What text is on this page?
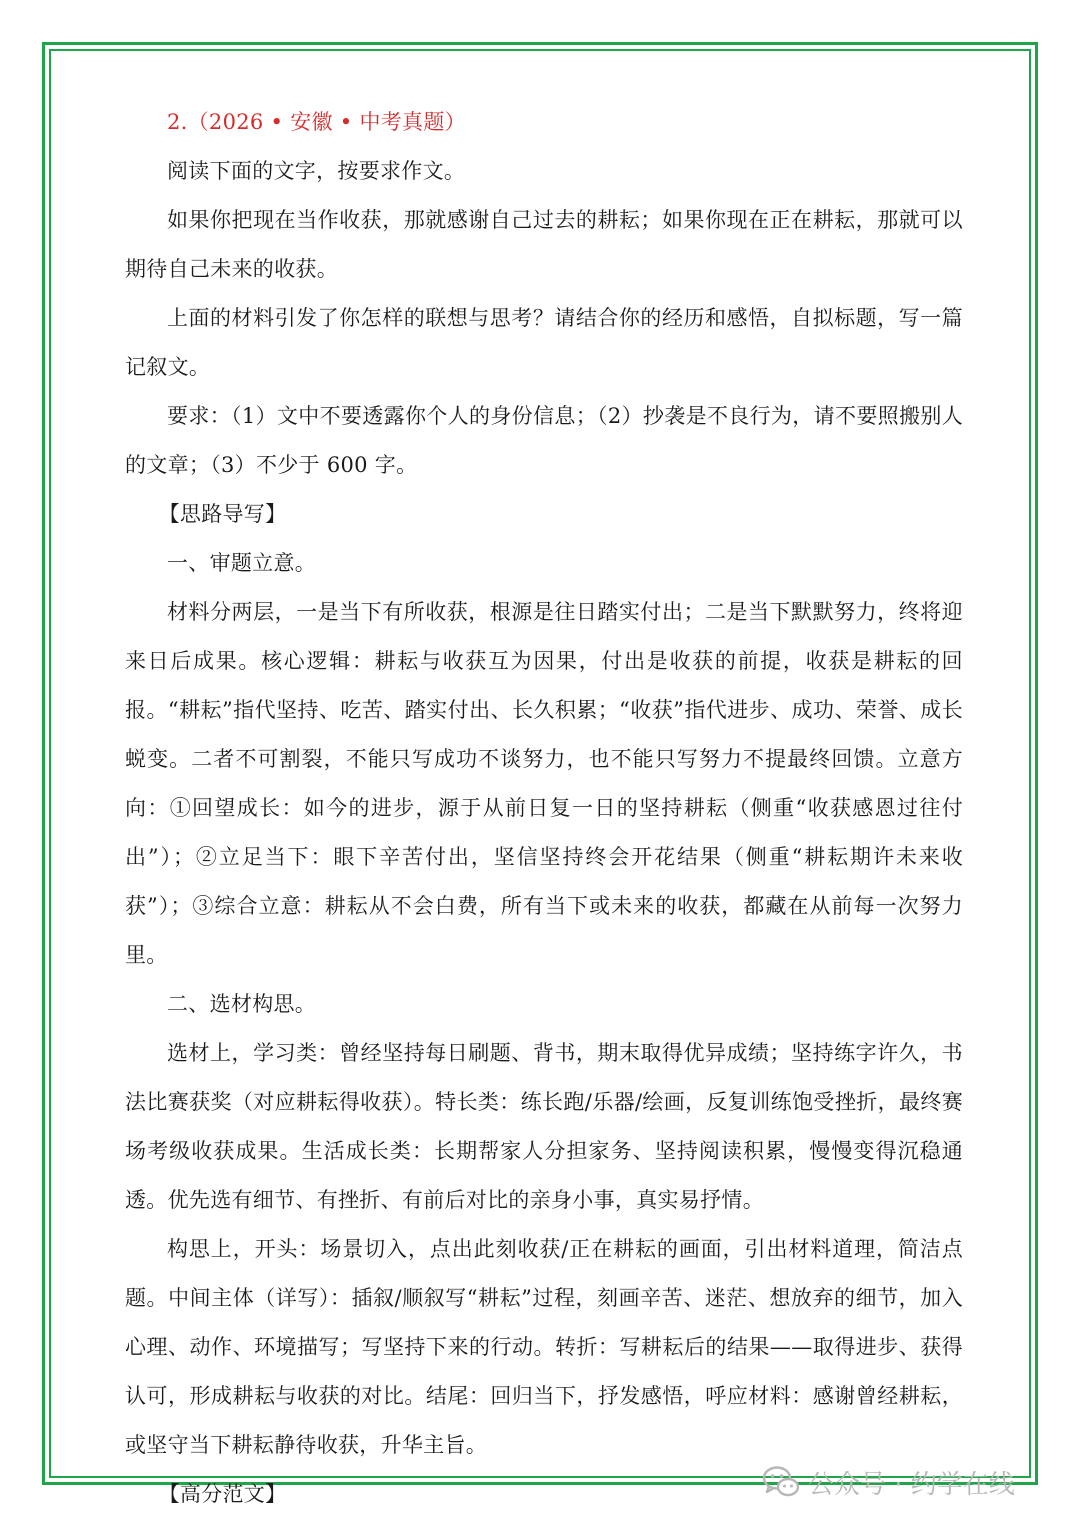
2.（2026 • 安徽 • 中考真题）

阅读下面的文字，按要求作文。

如果你把现在当作收获，那就感谢自己过去的耕耘；如果你现在正在耕耘，那就可以期待自己未来的收获。

上面的材料引发了你怎样的联想与思考？请结合你的经历和感悟，自拟标题，写一篇记叙文。

要求：（1）文中不要透露你个人的身份信息；（2）抄袭是不良行为，请不要照搬别人的文章；（3）不少于 600 字。

【思路导写】

一、审题立意。

材料分两层，一是当下有所收获，根源是往日踏实付出；二是当下默默努力，终将迎来日后成果。核心逻辑：耕耘与收获互为因果，付出是收获的前提，收获是耕耘的回报。“耕耘”指代坚持、吃苦、踏实付出、长久积累；“收获”指代进步、成功、荣誉、成长蜕变。二者不可割裂，不能只写成功不谈努力，也不能只写努力不提最终回馈。立意方向：①回望成长：如今的进步，源于从前日复一日的坚持耕耘（侧重“收获感恩过往付出”）；②立足当下：眼下辛苦付出，坚信坚持终会开花结果（侧重“耕耘期许未来收获”）；③综合立意：耕耘从不会白费，所有当下或未来的收获，都藏在从前每一次努力里。

二、选材构思。

选材上，学习类：曾经坚持每日刷题、背书，期末取得优异成绩；坚持练字许久，书法比赛获奖（对应耕耘得收获）。特长类：练长跑/乐器/绘画，反复训练饱受挫折，最终赛场考级收获成果。生活成长类：长期帮家人分担家务、坚持阅读积累，慢慢变得沉稳通透。优先选有细节、有挫折、有前后对比的亲身小事，真实易抒情。

构思上，开头：场景切入，点出此刻收获/正在耕耘的画面，引出材料道理，简洁点题。中间主体（详写）：插叙/顺叙写“耕耘”过程，刻画辛苦、迷茫、想放弃的细节，加入心理、动作、环境描写；写坚持下来的行动。转折：写耕耘后的结果——取得进步、获得认可，形成耕耘与收获的对比。结尾：回归当下，抒发感悟，呼应材料：感谢曾经耕耘，或坚守当下耕耘静待收获，升华主旨。

【高分范文】	公众号 · 约学在线
